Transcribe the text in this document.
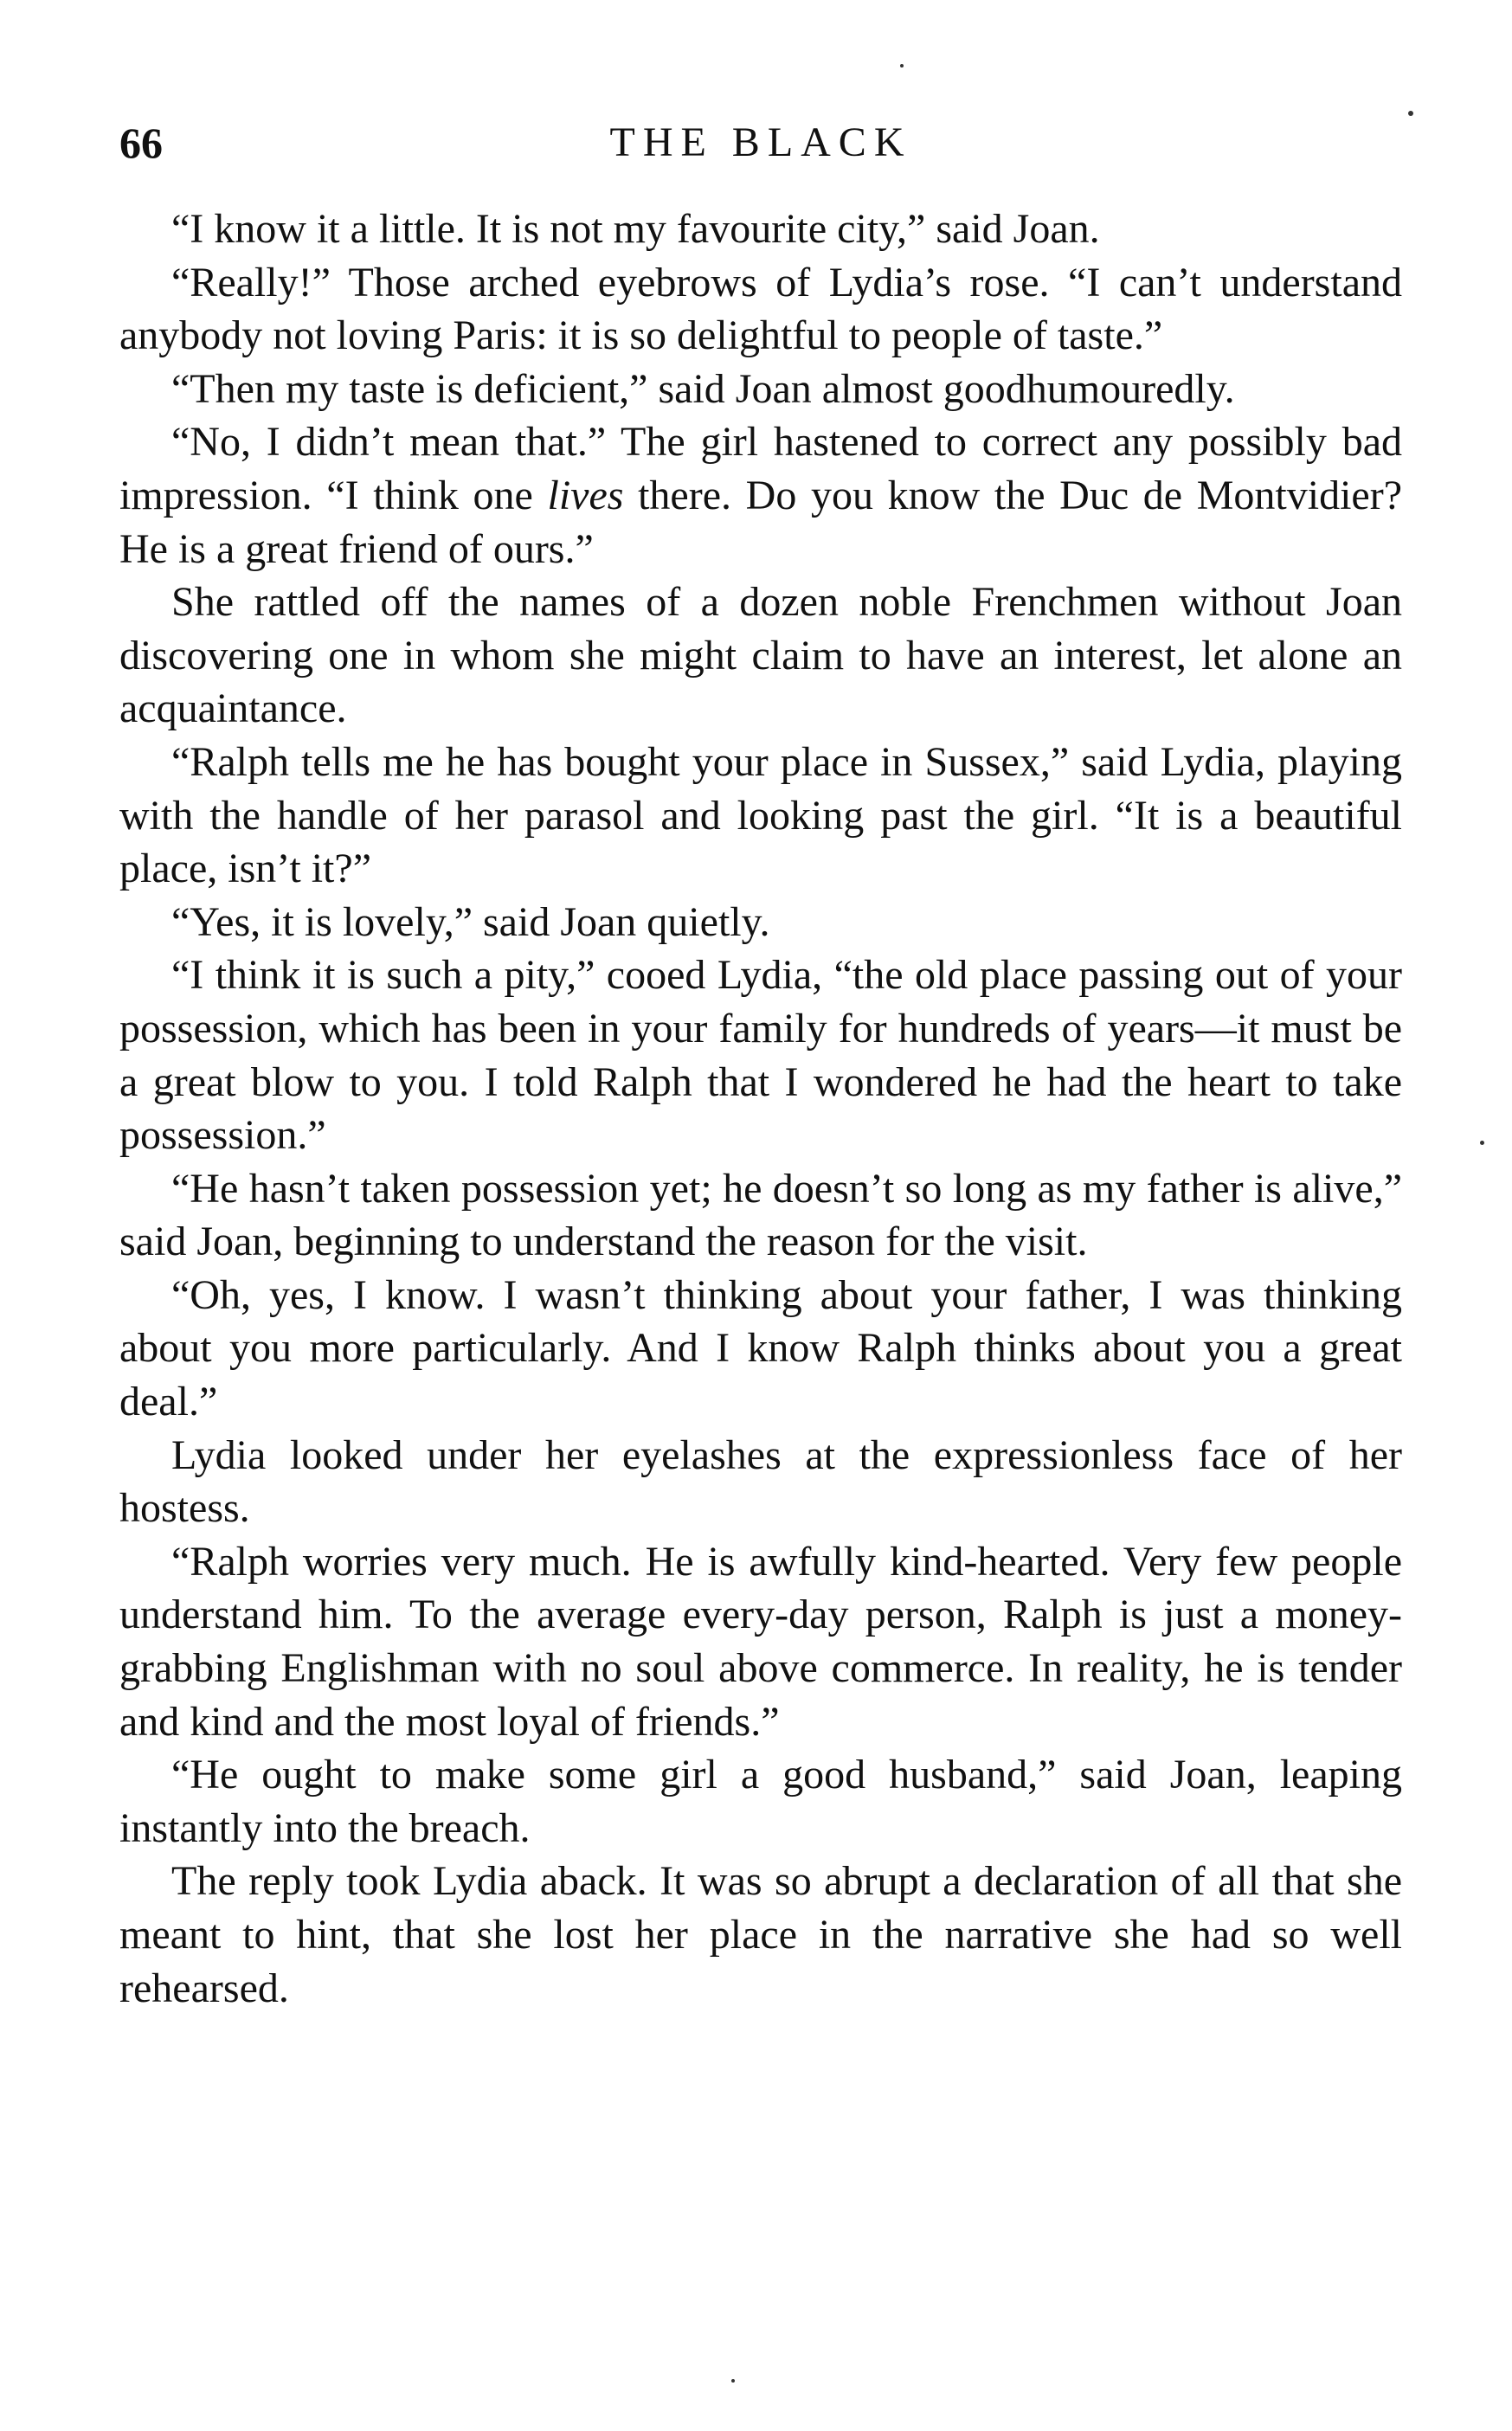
66	THE BLACK

“I know it a little. It is not my favourite city,” said Joan.

“Really!” Those arched eyebrows of Lydia’s rose. “I can’t understand anybody not loving Paris: it is so delightful to people of taste.”

“Then my taste is deficient,” said Joan almost goodhumouredly.

“No, I didn’t mean that.” The girl hastened to correct any possibly bad impression. “I think one lives there. Do you know the Duc de Montvidier? He is a great friend of ours.”

She rattled off the names of a dozen noble Frenchmen without Joan discovering one in whom she might claim to have an interest, let alone an acquaintance.

“Ralph tells me he has bought your place in Sussex,” said Lydia, playing with the handle of her parasol and looking past the girl. “It is a beautiful place, isn’t it?”

“Yes, it is lovely,” said Joan quietly.

“I think it is such a pity,” cooed Lydia, “the old place passing out of your possession, which has been in your family for hundreds of years—it must be a great blow to you. I told Ralph that I wondered he had the heart to take possession.”

“He hasn’t taken possession yet; he doesn’t so long as my father is alive,” said Joan, beginning to understand the reason for the visit.

“Oh, yes, I know. I wasn’t thinking about your father, I was thinking about you more particularly. And I know Ralph thinks about you a great deal.”

Lydia looked under her eyelashes at the expressionless face of her hostess.

“Ralph worries very much. He is awfully kind-hearted. Very few people understand him. To the average every-day person, Ralph is just a money-grabbing Englishman with no soul above commerce. In reality, he is tender and kind and the most loyal of friends.”

“He ought to make some girl a good husband,” said Joan, leaping instantly into the breach.

The reply took Lydia aback. It was so abrupt a declaration of all that she meant to hint, that she lost her place in the narrative she had so well rehearsed.
